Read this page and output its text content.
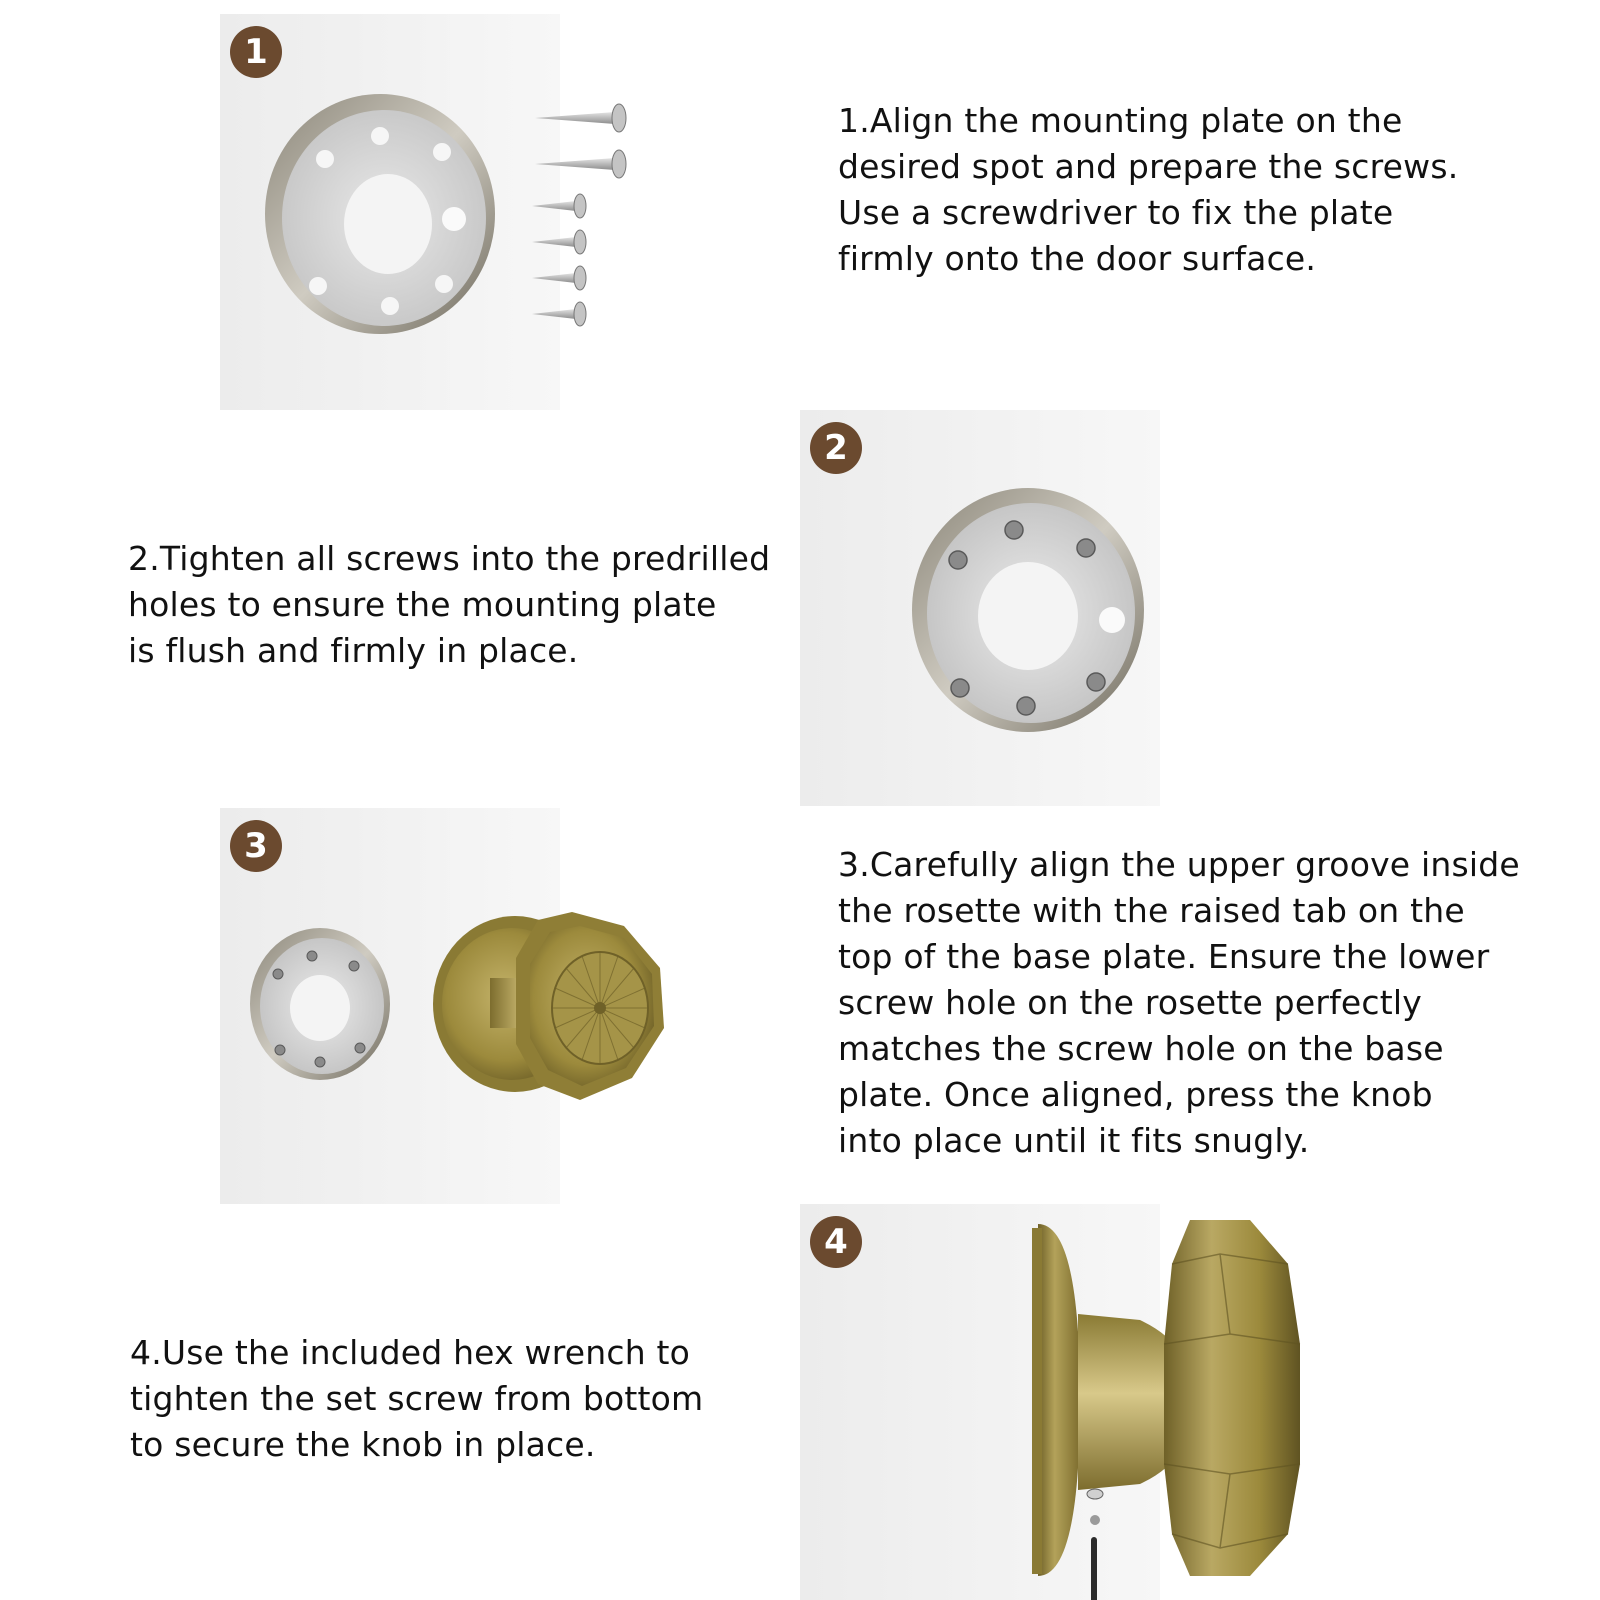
1

1.Align the mounting plate on the
desired spot and prepare the screws.
Use a screwdriver to fix the plate
firmly onto the door surface.

2

2.Tighten all screws into the predrilled
holes to ensure the mounting plate
is flush and firmly in place.

3	3.Carefully align the upper groove inside
the rosette with the raised tab on the
top of the base plate. Ensure the lower
screw hole on the rosette perfectly
matches the screw hole on the base
plate. Once aligned, press the knob
into place until it fits snugly.

4

4.Use the included hex wrench to
tighten the set screw from bottom
to secure the knob in place.
